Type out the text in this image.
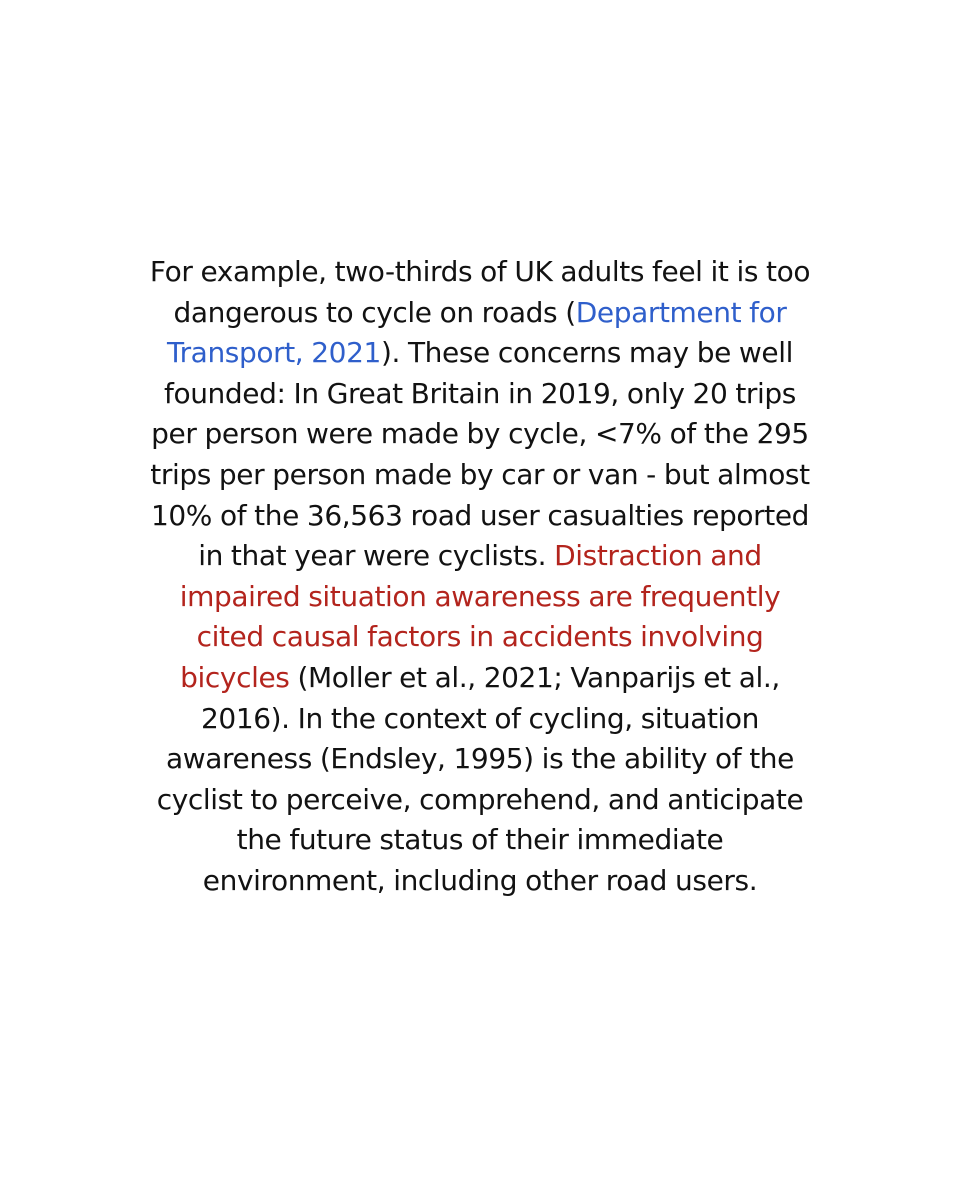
For example, two-thirds of UK adults feel it is too
dangerous to cycle on roads (Department for
Transport, 2021). These concerns may be well
founded: In Great Britain in 2019, only 20 trips
per person were made by cycle, <7% of the 295
trips per person made by car or van - but almost
10% of the 36,563 road user casualties reported
in that year were cyclists. Distraction and
impaired situation awareness are frequently
cited causal factors in accidents involving
bicycles (Moller et al., 2021; Vanparijs et al.,
2016). In the context of cycling, situation
awareness (Endsley, 1995) is the ability of the
cyclist to perceive, comprehend, and anticipate
the future status of their immediate
environment, including other road users.
